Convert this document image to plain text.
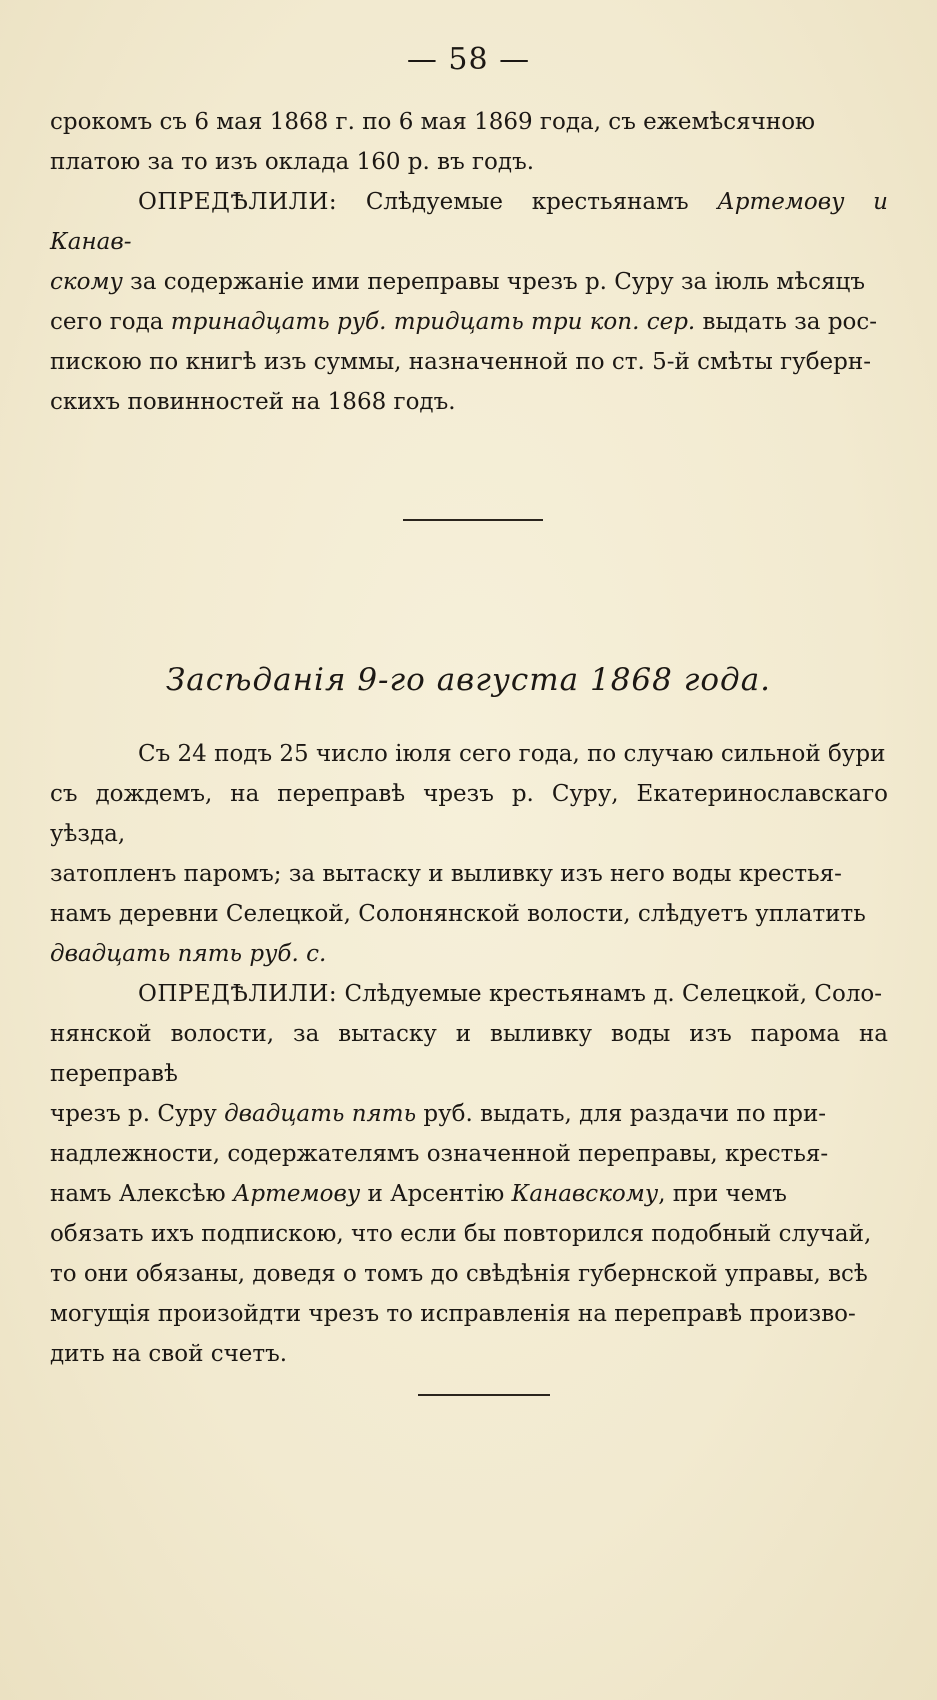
— 58 —

срокомъ съ 6 мая 1868 г. по 6 мая 1869 года, съ ежемѣсячною
платою за то изъ оклада 160 р. въ годъ.

ОПРЕДѢЛИЛИ: Слѣдуемые крестьянамъ Артемову и Канав-
скому за содержаніе ими переправы чрезъ р. Суру за іюль мѣсяцъ
сего года тринадцать руб. тридцать три коп. сер. выдать за рос-
пискою по книгѣ изъ суммы, назначенной по ст. 5-й смѣты губерн-
скихъ повинностей на 1868 годъ.

Засѣданія 9-го августа 1868 года.

Съ 24 подъ 25 число іюля сего года, по случаю сильной бури
съ дождемъ, на переправѣ чрезъ р. Суру, Екатеринославскаго уѣзда,
затопленъ паромъ; за вытаску и выливку изъ него воды крестья-
намъ деревни Селецкой, Солонянской волости, слѣдуетъ уплатить
двадцать пять руб. с.

ОПРЕДѢЛИЛИ: Слѣдуемые крестьянамъ д. Селецкой, Соло-
нянской волости, за вытаску и выливку воды изъ парома на переправѣ
чрезъ р. Суру двадцать пять руб. выдать, для раздачи по при-
надлежности, содержателямъ означенной переправы, крестья-
намъ Алексѣю Артемову и Арсентію Канавскому, при чемъ
обязать ихъ подпискою, что если бы повторился подобный случай,
то они обязаны, доведя о томъ до свѣдѣнія губернской управы, всѣ
могущія произойдти чрезъ то исправленія на переправѣ произво-
дить на свой счетъ.
